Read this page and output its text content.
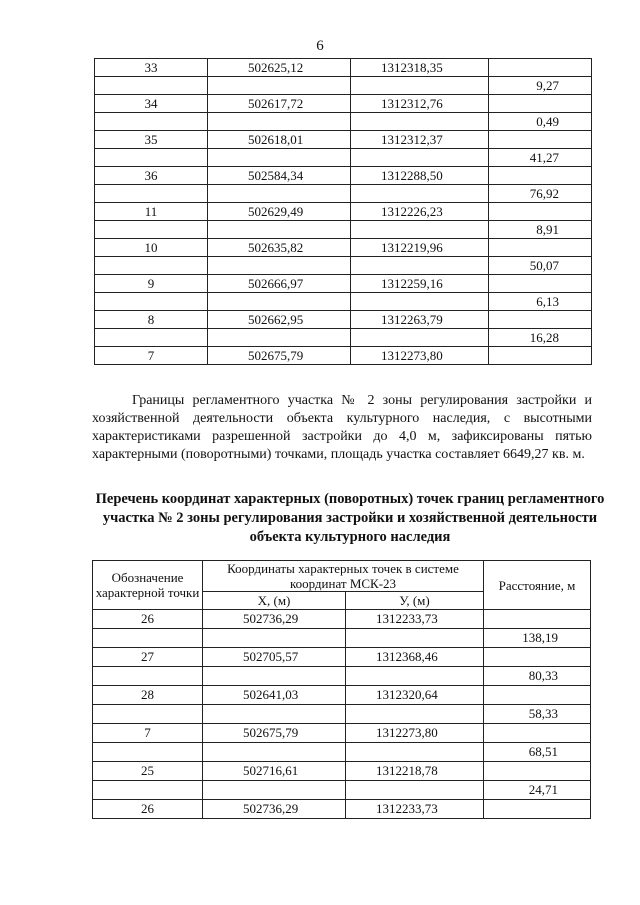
6
33	502625,12	1312318,35	
			9,27
34	502617,72	1312312,76	
			0,49
35	502618,01	1312312,37	
			41,27
36	502584,34	1312288,50	
			76,92
11	502629,49	1312226,23	
			8,91
10	502635,82	1312219,96	
			50,07
9	502666,97	1312259,16	
			6,13
8	502662,95	1312263,79	
			16,28
7	502675,79	1312273,80	
Границы регламентного участка № 2 зоны регулирования застройки и хозяйственной деятельности объекта культурного наследия, с высотными характеристиками разрешенной застройки до 4,0 м, зафиксированы пятью характерными (поворотными) точками, площадь участка составляет 6649,27 кв. м.
Перечень координат характерных (поворотных) точек границ регламентного участка № 2 зоны регулирования застройки и хозяйственной деятельности объекта культурного наследия
Обозначение характерной точки	Координаты характерных точек в системе координат МСК-23		Расстояние, м
	X, (м)	У, (м)	
26	502736,29	1312233,73	
			138,19
27	502705,57	1312368,46	
			80,33
28	502641,03	1312320,64	
			58,33
7	502675,79	1312273,80	
			68,51
25	502716,61	1312218,78	
			24,71
26	502736,29	1312233,73	
